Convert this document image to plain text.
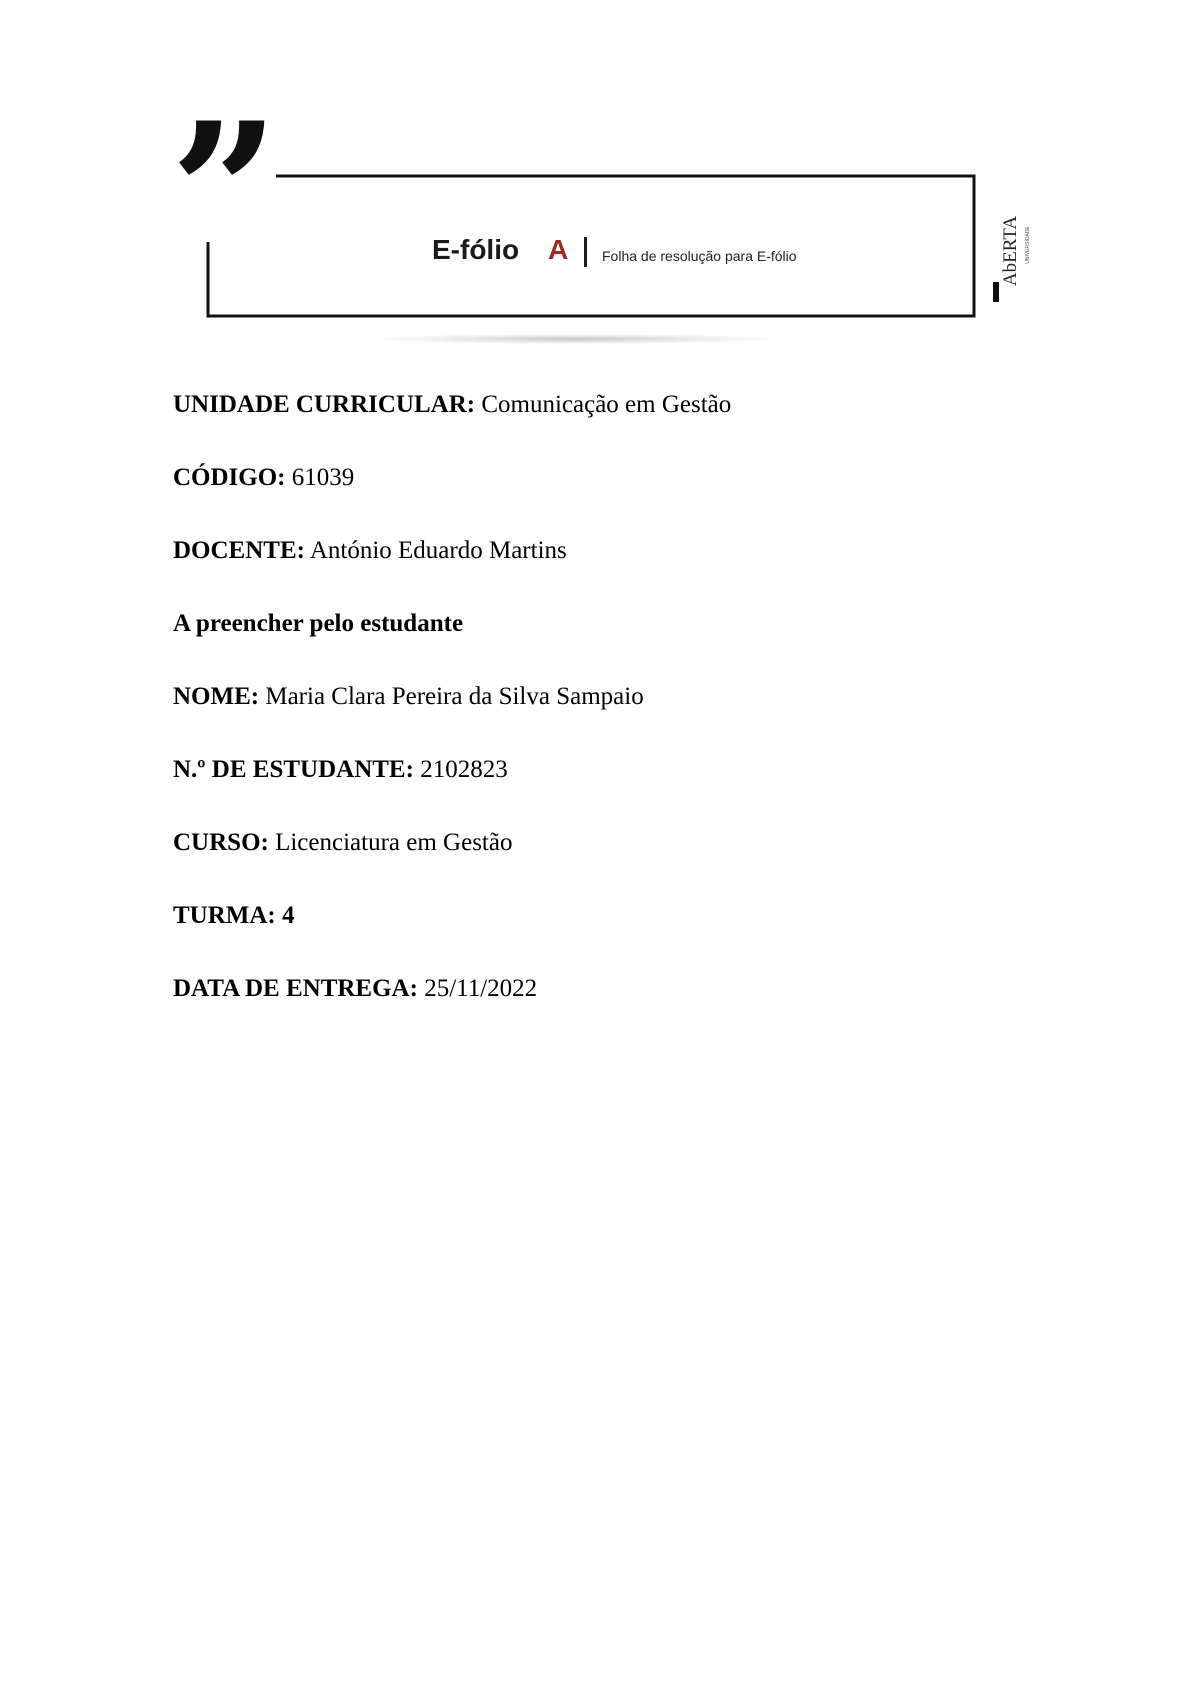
”	E-fólio A Folha de resolução para E-fólio	AbERTA UNIVERSIDADE
UNIDADE CURRICULAR: Comunicação em Gestão
CÓDIGO: 61039
DOCENTE: António Eduardo Martins
A preencher pelo estudante
NOME: Maria Clara Pereira da Silva Sampaio
N.º DE ESTUDANTE: 2102823
CURSO: Licenciatura em Gestão
TURMA: 4
DATA DE ENTREGA: 25/11/2022
